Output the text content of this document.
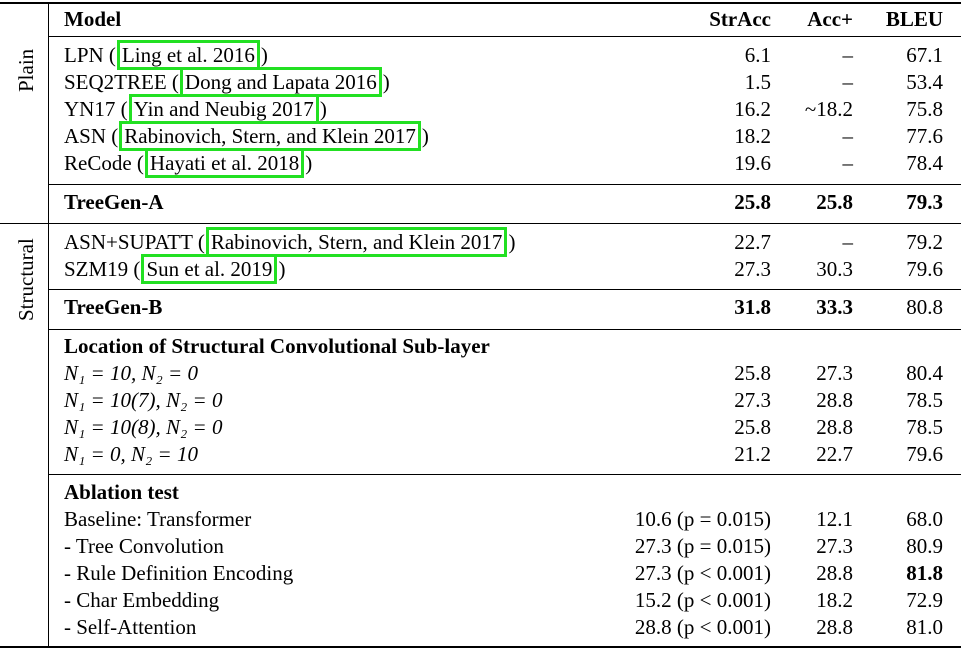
Plain
Structural
Model	StrAcc Acc+ BLEU
LPN ( Ling et al. 2016 )	6.1	–	67.1
SEQ2TREE ( Dong and Lapata 2016 )	1.5	–	53.4
YN17 ( Yin and Neubig 2017 )	16.2 ~18.2	75.8
ASN ( Rabinovich, Stern, and Klein 2017 )	18.2	–	77.6
ReCode ( Hayati et al. 2018 )	19.6	–	78.4
TreeGen-A	25.8 25.8	79.3
ASN+SUPATT ( Rabinovich, Stern, and Klein 2017 )	22.7	–	79.2
SZM19 ( Sun et al. 2019 )	27.3 30.3	79.6
TreeGen-B	31.8 33.3	80.8
Location of Structural Convolutional Sub-layer
N₁ = 10, N₂ = 0	25.8 27.3	80.4
N₁ = 10(7), N₂ = 0	27.3 28.8	78.5
N₁ = 10(8), N₂ = 0	25.8 28.8	78.5
N₁ = 0, N₂ = 10	21.2 22.7	79.6
Ablation test
Baseline: Transformer	10.6 (p = 0.015) 12.1	68.0
- Tree Convolution	27.3 (p = 0.015) 27.3	80.9
- Rule Definition Encoding	27.3 (p < 0.001) 28.8	81.8
- Char Embedding	15.2 (p < 0.001) 18.2	72.9
- Self-Attention	28.8 (p < 0.001) 28.8	81.0
